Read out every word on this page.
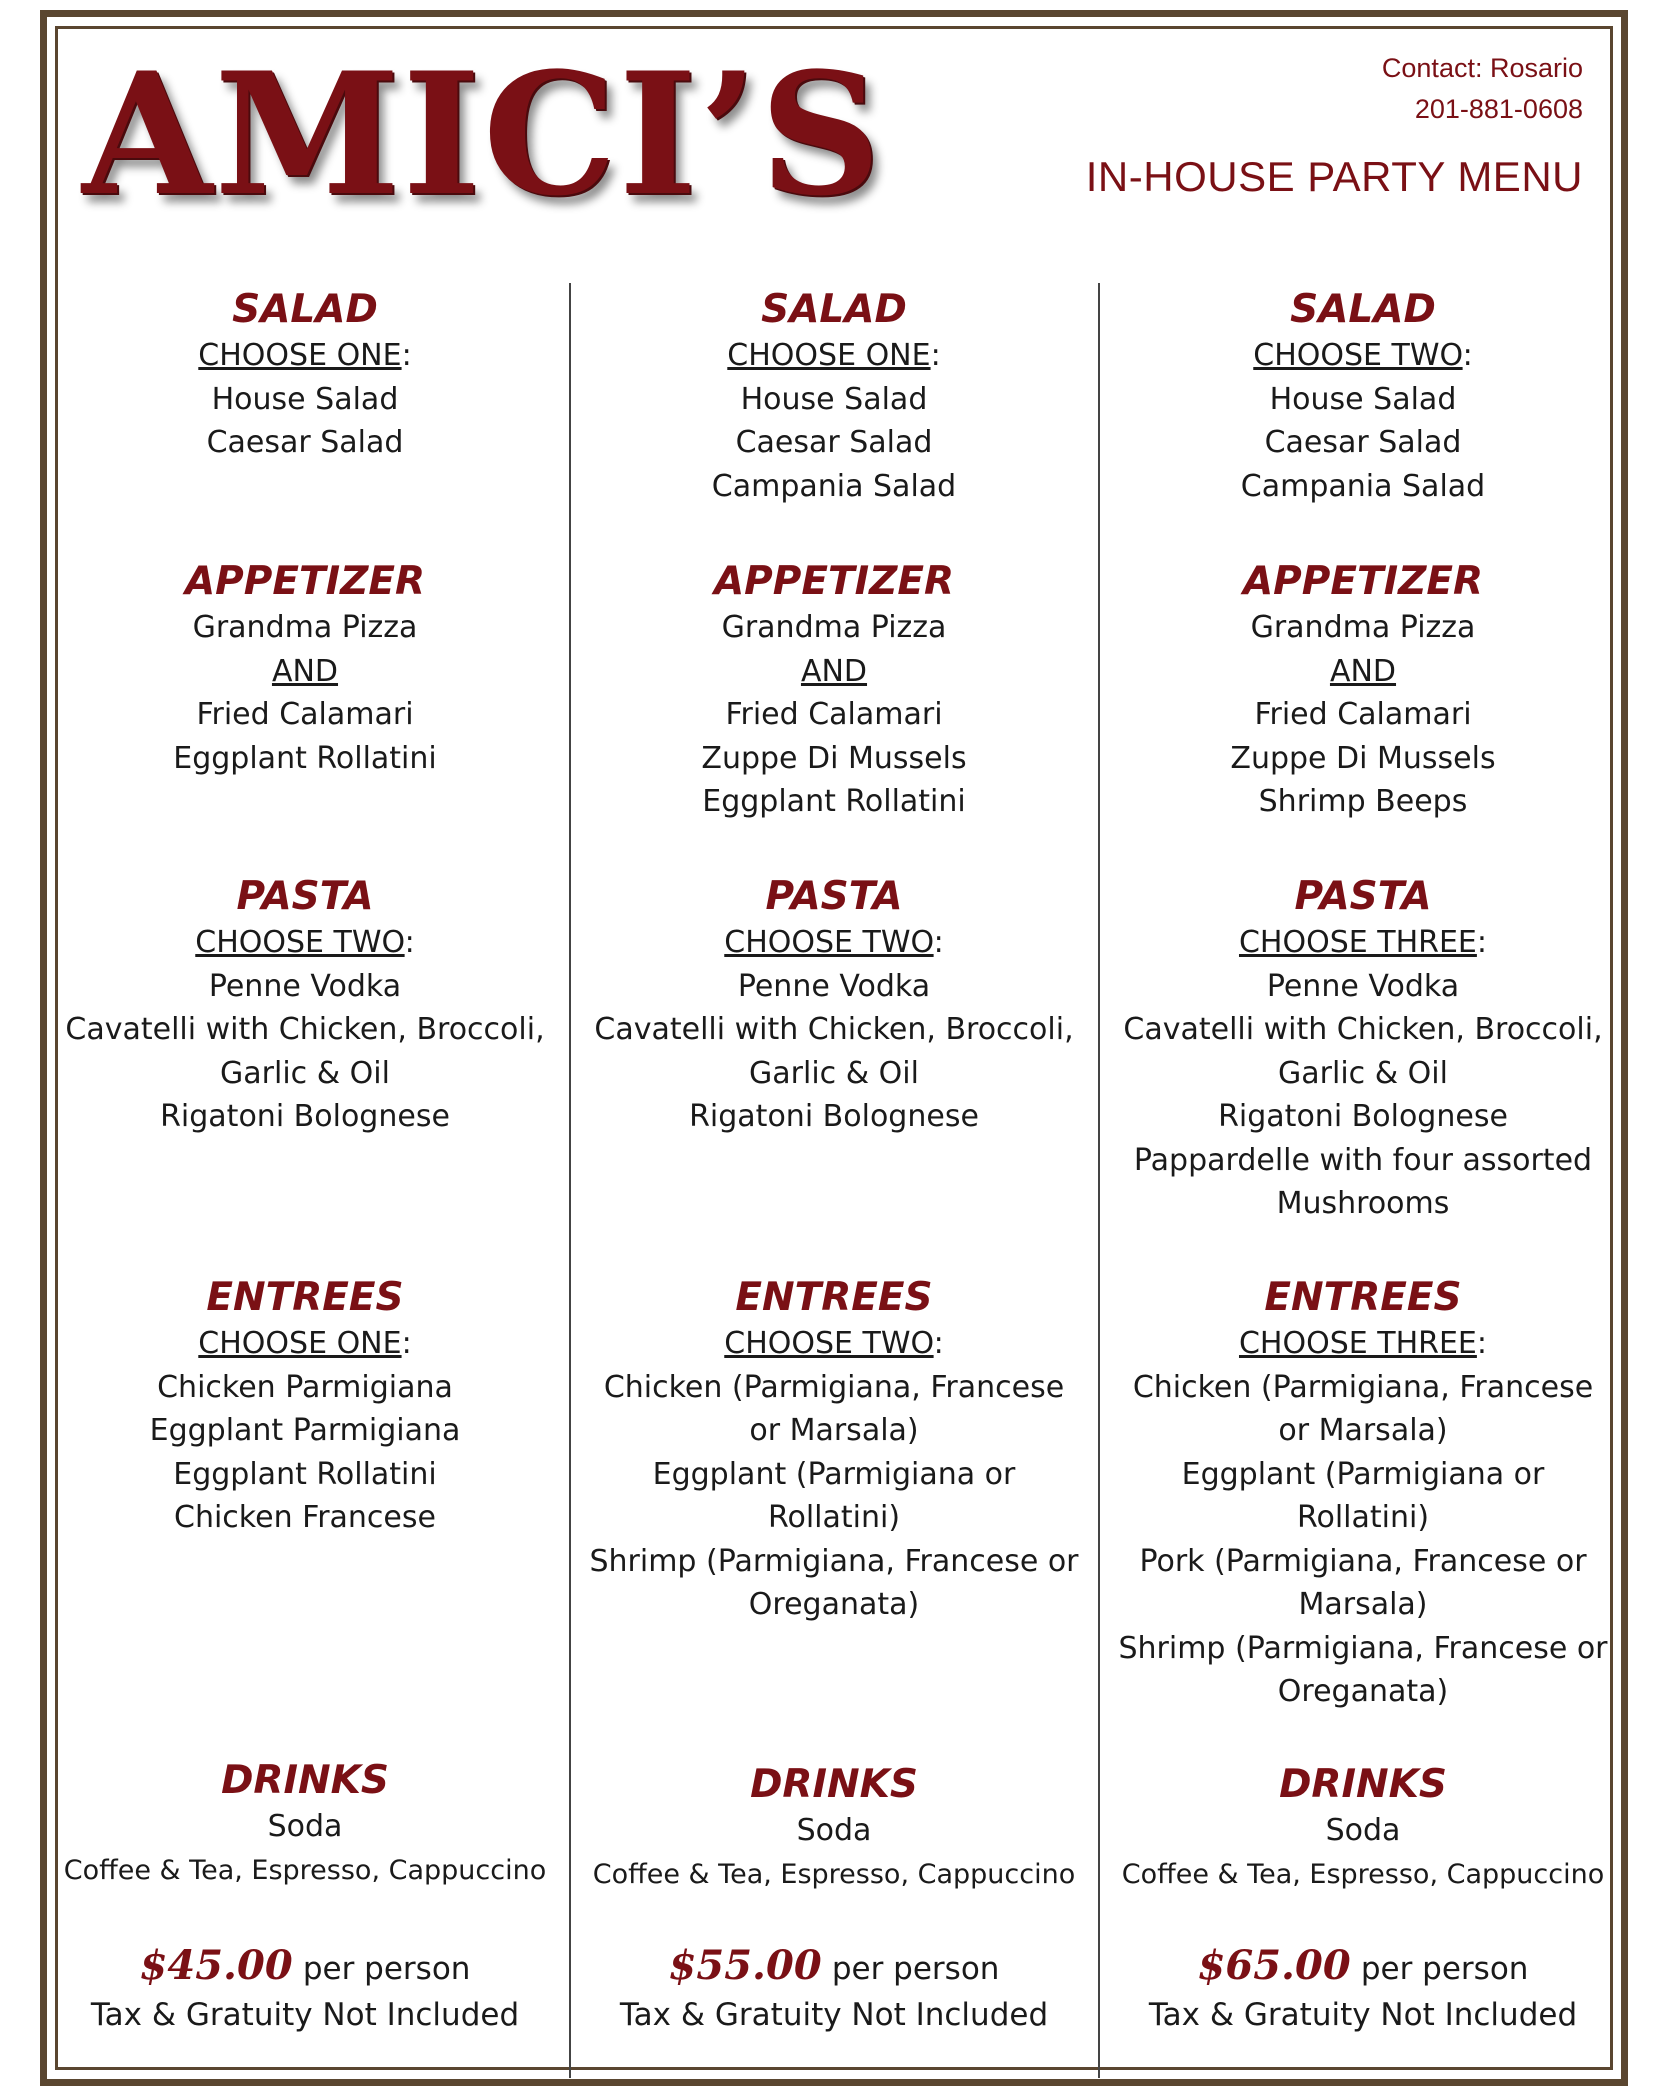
AMICI’S	Contact: Rosario
201-881-0608
IN-HOUSE PARTY MENU
SALAD

CHOOSE ONE:

House Salad

Caesar Salad

APPETIZER

Grandma Pizza

AND

Fried Calamari

Eggplant Rollatini

PASTA

CHOOSE TWO:

Penne Vodka

Cavatelli with Chicken, Broccoli,

Garlic & Oil

Rigatoni Bolognese

ENTREES

CHOOSE ONE:

Chicken Parmigiana

Eggplant Parmigiana

Eggplant Rollatini

Chicken Francese

DRINKS

Soda

Coffee & Tea, Espresso, Cappuccino

$45.00 per person

Tax & Gratuity Not Included

SALAD

CHOOSE ONE:

House Salad

Caesar Salad

Campania Salad

APPETIZER

Grandma Pizza

AND

Fried Calamari

Zuppe Di Mussels

Eggplant Rollatini

PASTA

CHOOSE TWO:

Penne Vodka

Cavatelli with Chicken, Broccoli,

Garlic & Oil

Rigatoni Bolognese

ENTREES

CHOOSE TWO:

Chicken (Parmigiana, Francese

or Marsala)

Eggplant (Parmigiana or

Rollatini)

Shrimp (Parmigiana, Francese or

Oreganata)

DRINKS

Soda

Coffee & Tea, Espresso, Cappuccino

$55.00 per person

Tax & Gratuity Not Included

SALAD

CHOOSE TWO:

House Salad

Caesar Salad

Campania Salad

APPETIZER

Grandma Pizza

AND

Fried Calamari

Zuppe Di Mussels

Shrimp Beeps

PASTA

CHOOSE THREE:

Penne Vodka

Cavatelli with Chicken, Broccoli,

Garlic & Oil

Rigatoni Bolognese

Pappardelle with four assorted

Mushrooms

ENTREES

CHOOSE THREE:

Chicken (Parmigiana, Francese

or Marsala)

Eggplant (Parmigiana or

Rollatini)

Pork (Parmigiana, Francese or

Marsala)

Shrimp (Parmigiana, Francese or

Oreganata)

DRINKS

Soda

Coffee & Tea, Espresso, Cappuccino

$65.00 per person

Tax & Gratuity Not Included
